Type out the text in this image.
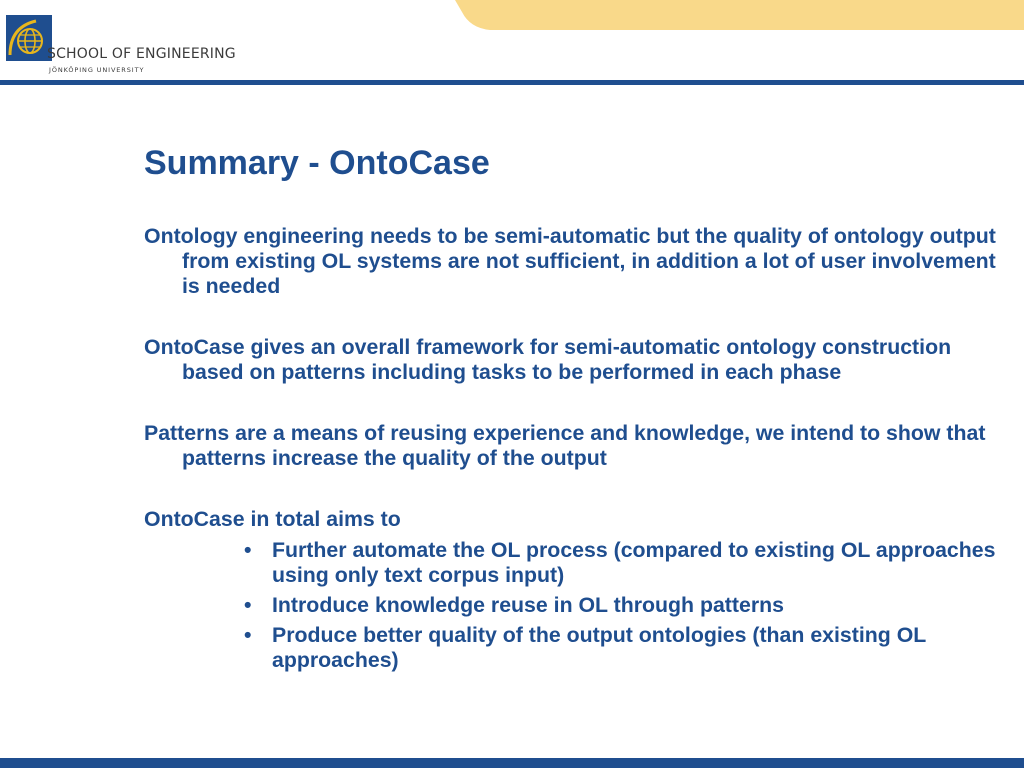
SCHOOL OF ENGINEERING
JÖNKÖPING UNIVERSITY
Summary - OntoCase

Ontology engineering needs to be semi-automatic but the quality of ontology output from existing OL systems are not sufficient, in addition a lot of user involvement is needed

OntoCase gives an overall framework for semi-automatic ontology construction based on patterns including tasks to be performed in each phase

Patterns are a means of reusing experience and knowledge, we intend to show that patterns increase the quality of the output

OntoCase in total aims to

• Further automate the OL process (compared to existing OL approaches using only text corpus input)
• Introduce knowledge reuse in OL through patterns
• Produce better quality of the output ontologies (than existing OL approaches)
